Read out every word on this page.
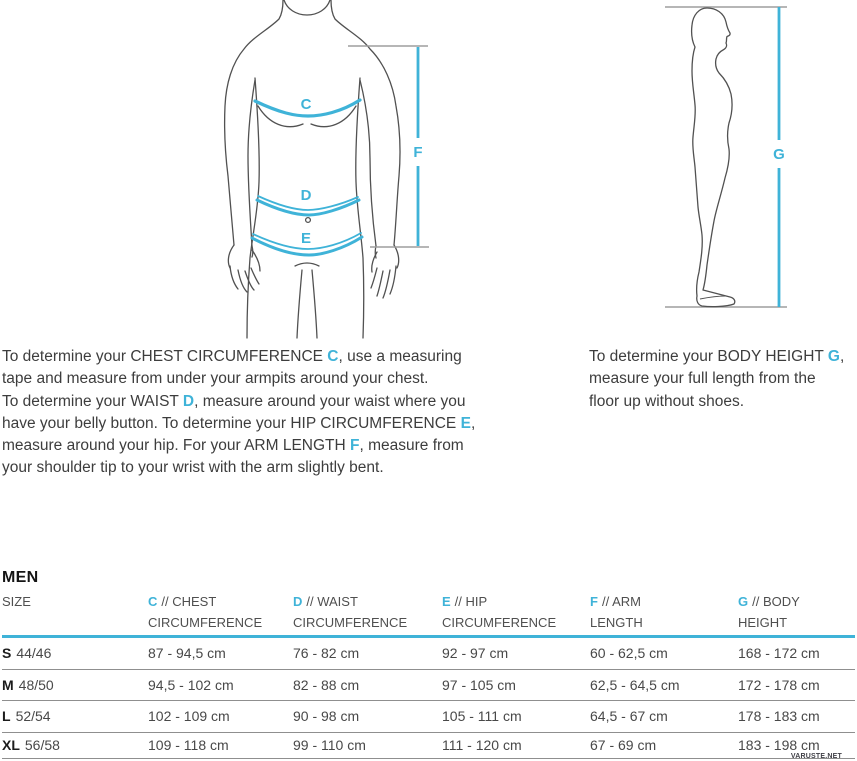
C
D
E
F	G
To determine your CHEST CIRCUMFERENCE C, use a measuring
tape and measure from under your armpits around your chest.
To determine your WAIST D, measure around your waist where you
have your belly button. To determine your HIP CIRCUMFERENCE E,
measure around your hip. For your ARM LENGTH F, measure from
your shoulder tip to your wrist with the arm slightly bent.
To determine your BODY HEIGHT G,
measure your full length from the
floor up without shoes.
MEN
SIZE	C // CHEST
CIRCUMFERENCE
D // WAIST
CIRCUMFERENCE
E // HIP
CIRCUMFERENCE
F // ARM
LENGTH
G // BODY
HEIGHT
S 44/46	87 - 94,5 cm	76 - 82 cm	92 - 97 cm	60 - 62,5 cm	168 - 172 cm
M 48/50	94,5 - 102 cm	82 - 88 cm	97 - 105 cm	62,5 - 64,5 cm	172 - 178 cm
L 52/54	102 - 109 cm	90 - 98 cm	105 - 111 cm	64,5 - 67 cm	178 - 183 cm
XL 56/58	109 - 118 cm	99 - 110 cm	111 - 120 cm	67 - 69 cm	183 - 198 cm
VARUSTE.NET
